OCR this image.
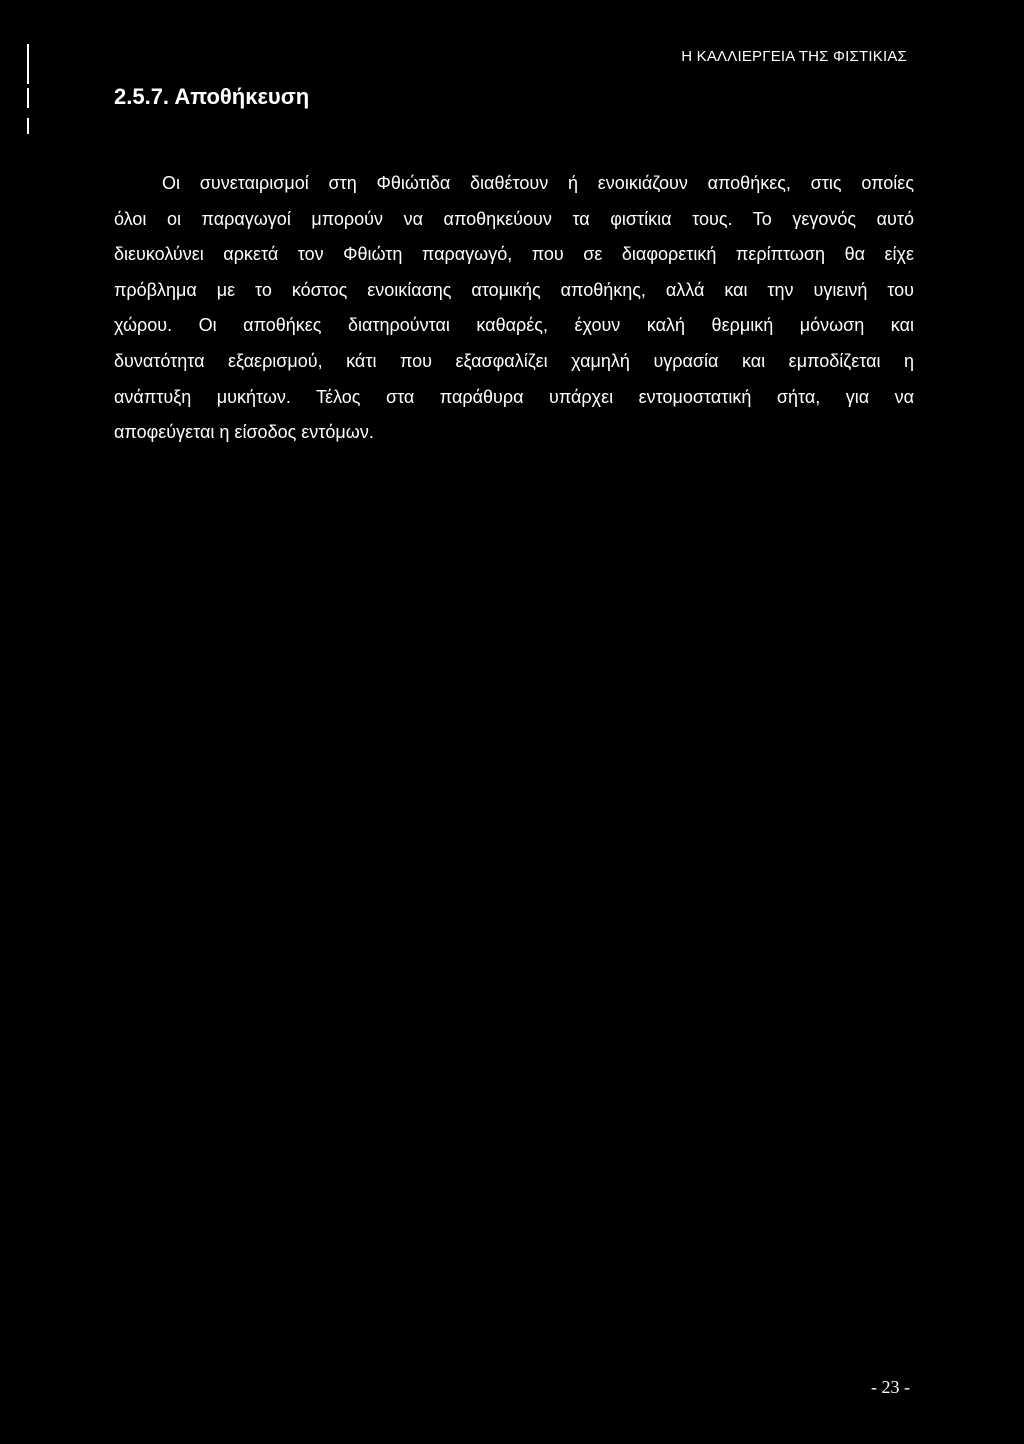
Η ΚΑΛΛΙΕΡΓΕΙΑ ΤΗΣ ΦΙΣΤΙΚΙΑΣ
2.5.7. Αποθήκευση
Οι συνεταιρισμοί στη Φθιώτιδα διαθέτουν ή ενοικιάζουν αποθήκες, στις οποίες
όλοι οι παραγωγοί μπορούν να αποθηκεύουν τα φιστίκια τους. Το γεγονός αυτό
διευκολύνει αρκετά τον Φθιώτη παραγωγό, που σε διαφορετική περίπτωση θα είχε
πρόβλημα με το κόστος ενοικίασης ατομικής αποθήκης, αλλά και την υγιεινή του
χώρου. Οι αποθήκες διατηρούνται καθαρές, έχουν καλή θερμική μόνωση και
δυνατότητα εξαερισμού, κάτι που εξασφαλίζει χαμηλή υγρασία και εμποδίζεται η
ανάπτυξη μυκήτων. Τέλος στα παράθυρα υπάρχει εντομοστατική σήτα, για να
αποφεύγεται η είσοδος εντόμων.
- 23 -
